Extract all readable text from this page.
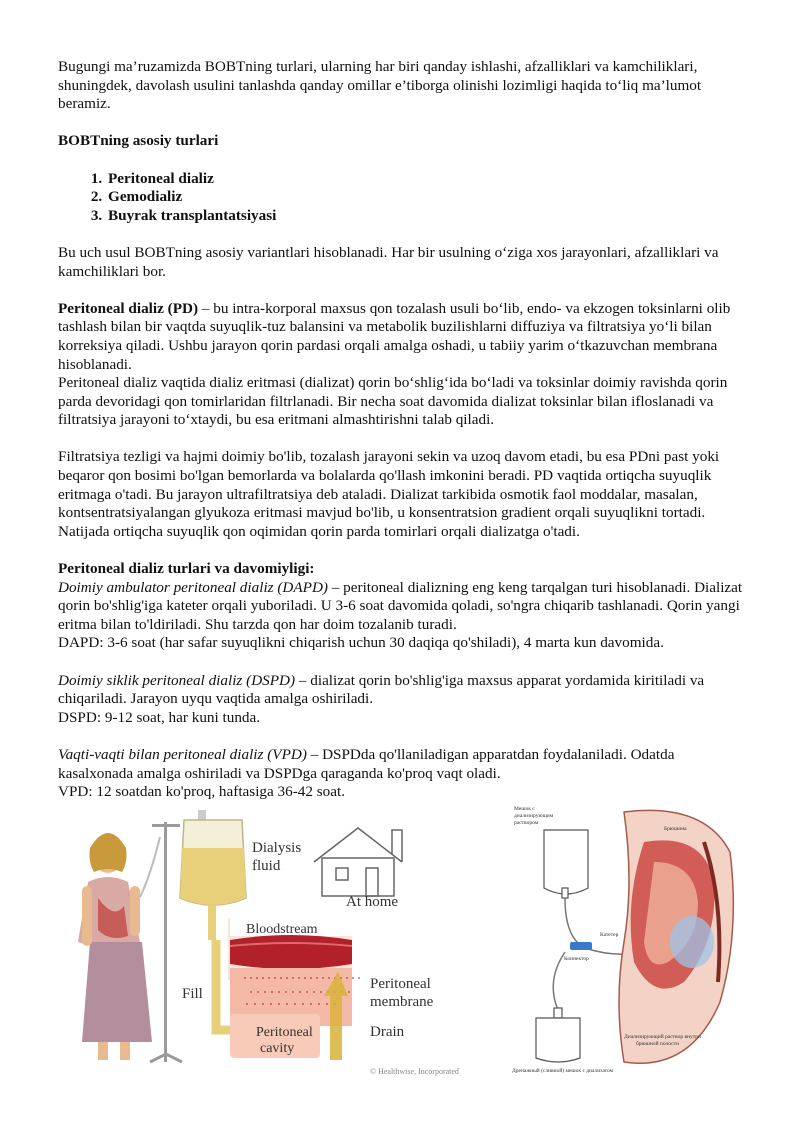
Bugungi ma’ruzamizda BOBTning turlari, ularning har biri qanday ishlashi, afzalliklari va kamchiliklari, shuningdek, davolash usulini tanlashda qanday omillar e’tiborga olinishi lozimligi haqida to‘liq ma’lumot beramiz.

BOBTning asosiy turlari

1. Peritoneal dializ
2. Gemodializ
3. Buyrak transplantatsiyasi

Bu uch usul BOBTning asosiy variantlari hisoblanadi. Har bir usulning o‘ziga xos jarayonlari, afzalliklari va kamchiliklari bor.

Peritoneal dializ (PD) – bu intra-korporal maxsus qon tozalash usuli bo‘lib, endo- va ekzogen toksinlarni olib tashlash bilan bir vaqtda suyuqlik-tuz balansini va metabolik buzilishlarni diffuziya va filtratsiya yo‘li bilan korreksiya qiladi. Ushbu jarayon qorin pardasi orqali amalga oshadi, u tabiiy yarim o‘tkazuvchan membrana hisoblanadi.

Peritoneal dializ vaqtida dializ eritmasi (dializat) qorin bo‘shlig‘ida bo‘ladi va toksinlar doimiy ravishda qorin parda devoridagi qon tomirlaridan filtrlanadi. Bir necha soat davomida dializat toksinlar bilan ifloslanadi va filtratsiya jarayoni to‘xtaydi, bu esa eritmani almashtirishni talab qiladi.

Filtratsiya tezligi va hajmi doimiy bo'lib, tozalash jarayoni sekin va uzoq davom etadi, bu esa PDni past yoki beqaror qon bosimi bo'lgan bemorlarda va bolalarda qo'llash imkonini beradi. PD vaqtida ortiqcha suyuqlik eritmaga o'tadi. Bu jarayon ultrafiltratsiya deb ataladi. Dializat tarkibida osmotik faol moddalar, masalan, kontsentratsiyalangan glyukoza eritmasi mavjud bo'lib, u konsentratsion gradient orqali suyuqlikni tortadi. Natijada ortiqcha suyuqlik qon oqimidan qorin parda tomirlari orqali dializatga o'tadi.

Peritoneal dializ turlari va davomiyligi:

Doimiy ambulator peritoneal dializ (DAPD) – peritoneal dializning eng keng tarqalgan turi hisoblanadi. Dializat qorin bo'shlig'iga kateter orqali yuboriladi. U 3-6 soat davomida qoladi, so'ngra chiqarib tashlanadi. Qorin yangi eritma bilan to'ldiriladi. Shu tarzda qon har doim tozalanib turadi.

DAPD: 3-6 soat (har safar suyuqlikni chiqarish uchun 30 daqiqa qo'shiladi), 4 marta kun davomida.

Doimiy siklik peritoneal dializ (DSPD) – dializat qorin bo'shlig'iga maxsus apparat yordamida kiritiladi va chiqariladi. Jarayon uyqu vaqtida amalga oshiriladi.

DSPD: 9-12 soat, har kuni tunda.

Vaqti-vaqti bilan peritoneal dializ (VPD) – DSPDda qo'llaniladigan apparatdan foydalaniladi. Odatda kasalxonada amalga oshiriladi va DSPDga qaraganda ko'proq vaqt oladi.

VPD: 12 soatdan ko'proq, haftasiga 36-42 soat.

Dialysis
fluid
At home
Bloodstream
Fill
Peritoneal
membrane
Peritoneal
cavity
Drain
© Healthwise, Incorporated
Мешок с
диализирующим
раствором
Катетер
Коннектор
Брюшина
Диализирующий раствор внутри
брюшной полости
Дренажный (сливной) мешок с диализатом
